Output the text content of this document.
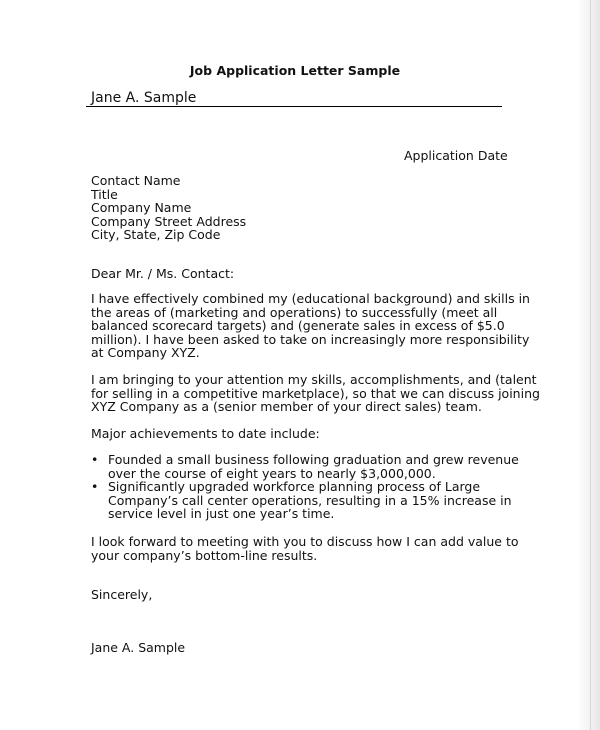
Job Application Letter Sample

Jane A. Sample

Application Date

Contact Name
Title
Company Name
Company Street Address
City, State, Zip Code

Dear Mr. / Ms. Contact:

I have effectively combined my (educational background) and skills in
the areas of (marketing and operations) to successfully (meet all
balanced scorecard targets) and (generate sales in excess of $5.0
million). I have been asked to take on increasingly more responsibility
at Company XYZ.

I am bringing to your attention my skills, accomplishments, and (talent
for selling in a competitive marketplace), so that we can discuss joining
XYZ Company as a (senior member of your direct sales) team.

Major achievements to date include:

• Founded a small business following graduation and grew revenue
over the course of eight years to nearly $3,000,000.
• Significantly upgraded workforce planning process of Large
Company’s call center operations, resulting in a 15% increase in
service level in just one year’s time.

I look forward to meeting with you to discuss how I can add value to
your company’s bottom-line results.

Sincerely,

Jane A. Sample
